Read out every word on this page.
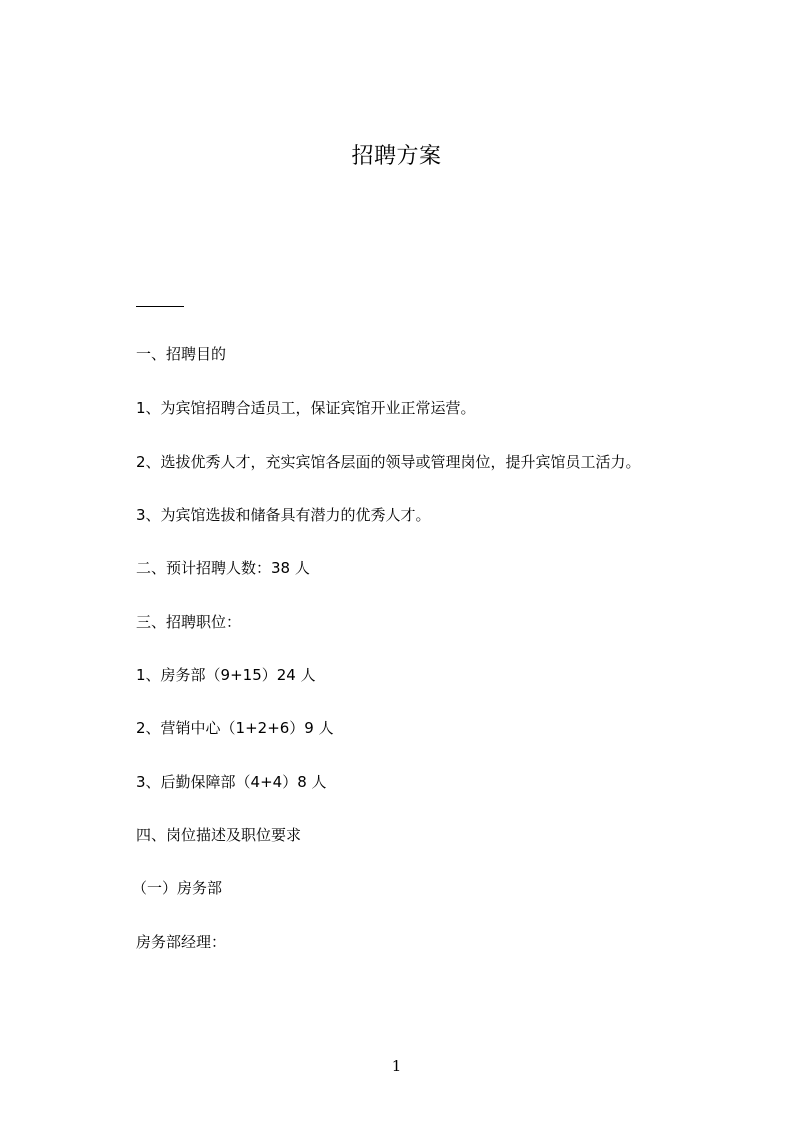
招聘方案
一、招聘目的
1、为宾馆招聘合适员工，保证宾馆开业正常运营。
2、选拔优秀人才，充实宾馆各层面的领导或管理岗位，提升宾馆员工活力。
3、为宾馆选拔和储备具有潜力的优秀人才。
二、预计招聘人数：38 人
三、招聘职位：
1、房务部（9+15）24 人
2、营销中心（1+2+6）9 人
3、后勤保障部（4+4）8 人
四、岗位描述及职位要求
（一）房务部
房务部经理：
1
